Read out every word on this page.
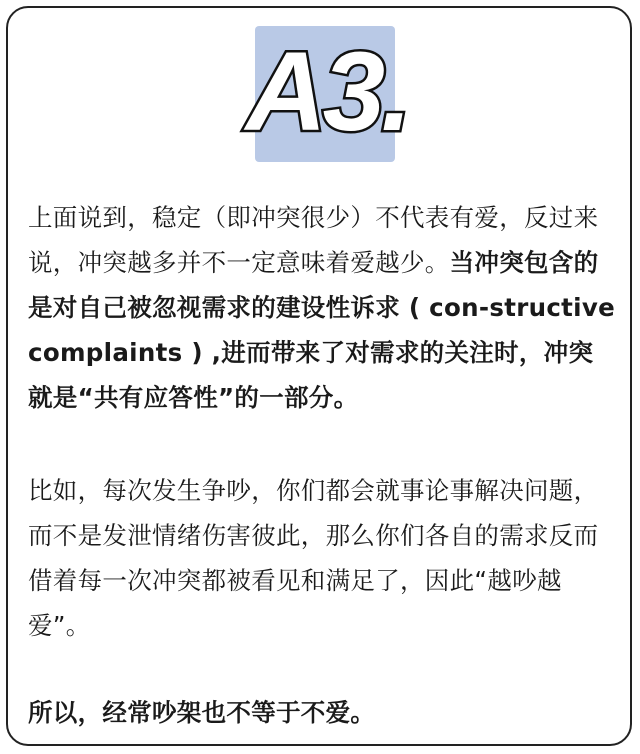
A3.

上面说到，稳定（即冲突很少）不代表有爱，反过来说，冲突越多并不一定意味着爱越少。当冲突包含的是对自己被忽视需求的建设性诉求 ( con-structive complaints ) ,进而带来了对需求的关注时，冲突就是“共有应答性”的一部分。

比如，每次发生争吵，你们都会就事论事解决问题，而不是发泄情绪伤害彼此，那么你们各自的需求反而借着每一次冲突都被看见和满足了，因此“越吵越爱”。

所以，经常吵架也不等于不爱。
